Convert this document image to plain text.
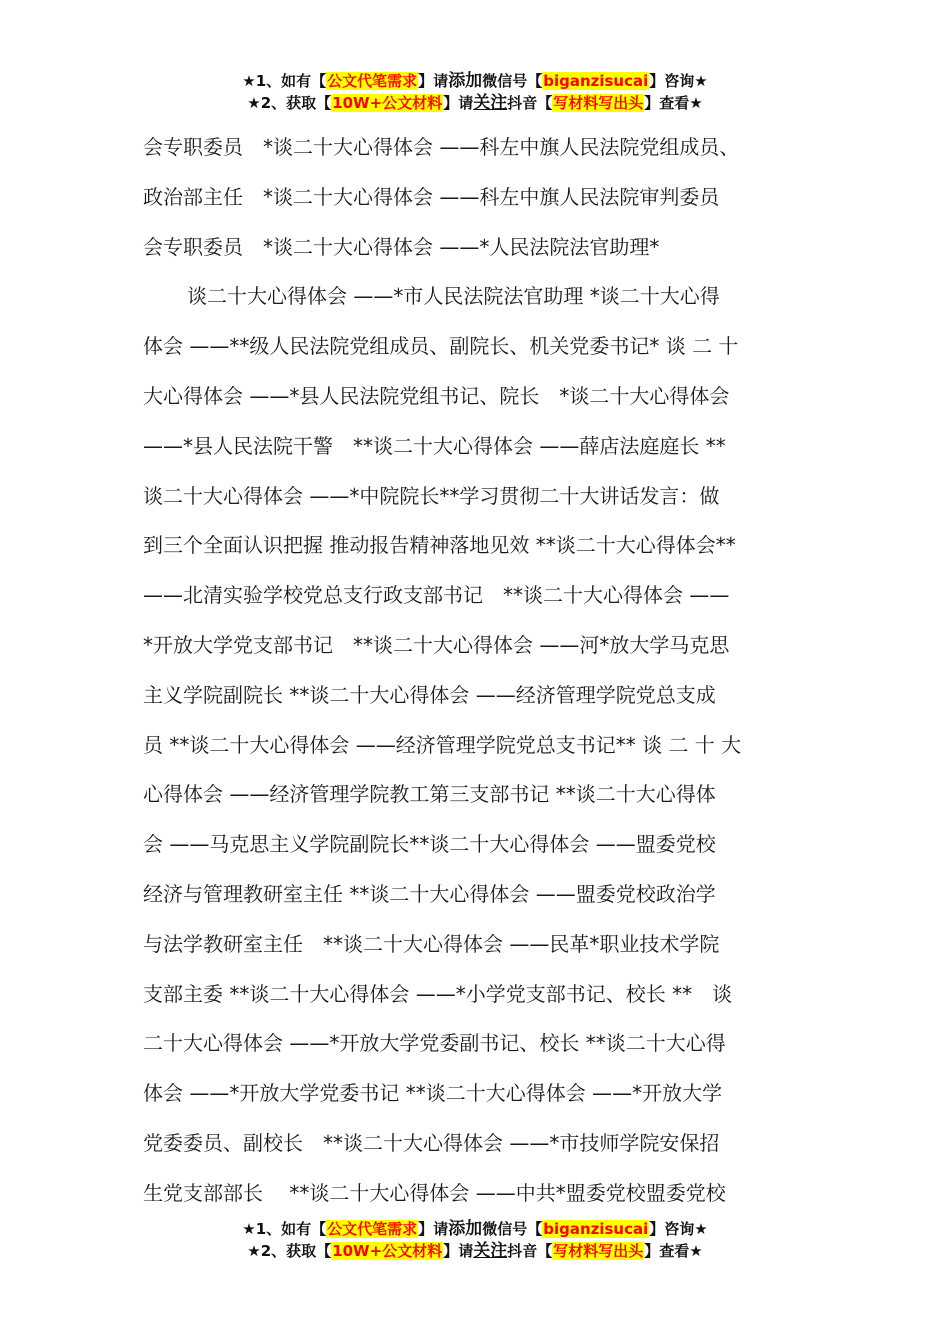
★1、如有【公文代笔需求】请添加微信号【biganzisucai】咨询★
★2、获取【10W+公文材料】请关注抖音【写材料写出头】查看★
会专职委员　*谈二十大心得体会 ——科左中旗人民法院党组成员、
政治部主任　*谈二十大心得体会 ——科左中旗人民法院审判委员
会专职委员　*谈二十大心得体会 ——*人民法院法官助理*
谈二十大心得体会 ——*市人民法院法官助理 *谈二十大心得
体会 ——**级人民法院党组成员、副院长、机关党委书记* 谈 二 十
大心得体会 ——*县人民法院党组书记、院长　*谈二十大心得体会
——*县人民法院干警　**谈二十大心得体会 ——薛店法庭庭长 **
谈二十大心得体会 ——*中院院长**学习贯彻二十大讲话发言：做
到三个全面认识把握 推动报告精神落地见效 **谈二十大心得体会**
——北清实验学校党总支行政支部书记　**谈二十大心得体会 ——
*开放大学党支部书记　**谈二十大心得体会 ——河*放大学马克思
主义学院副院长 **谈二十大心得体会 ——经济管理学院党总支成
员 **谈二十大心得体会 ——经济管理学院党总支书记** 谈 二 十 大
心得体会 ——经济管理学院教工第三支部书记 **谈二十大心得体
会 ——马克思主义学院副院长**谈二十大心得体会 ——盟委党校
经济与管理教研室主任 **谈二十大心得体会 ——盟委党校政治学
与法学教研室主任　**谈二十大心得体会 ——民革*职业技术学院
支部主委 **谈二十大心得体会 ——*小学党支部书记、校长 **　谈
二十大心得体会 ——*开放大学党委副书记、校长 **谈二十大心得
体会 ——*开放大学党委书记 **谈二十大心得体会 ——*开放大学
党委委员、副校长　**谈二十大心得体会 ——*市技师学院安保招
生党支部部长　 **谈二十大心得体会 ——中共*盟委党校盟委党校
★1、如有【公文代笔需求】请添加微信号【biganzisucai】咨询★
★2、获取【10W+公文材料】请关注抖音【写材料写出头】查看★
